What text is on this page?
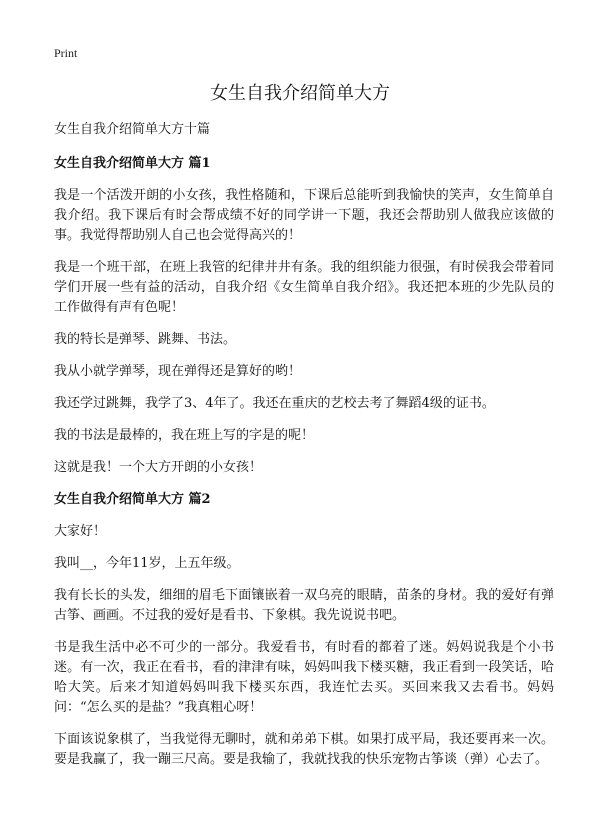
Print
女生自我介绍简单大方

女生自我介绍简单大方十篇

女生自我介绍简单大方 篇1

我是一个活泼开朗的小女孩，我性格随和，下课后总能听到我愉快的笑声，女生简单自我介绍。我下课后有时会帮成绩不好的同学讲一下题，我还会帮助别人做我应该做的事。我觉得帮助别人自己也会觉得高兴的！

我是一个班干部，在班上我管的纪律井井有条。我的组织能力很强，有时侯我会带着同学们开展一些有益的活动，自我介绍《女生简单自我介绍》。我还把本班的少先队员的工作做得有声有色呢！

我的特长是弹琴、跳舞、书法。

我从小就学弹琴，现在弹得还是算好的哟！

我还学过跳舞，我学了3、4年了。我还在重庆的艺校去考了舞蹈4级的证书。

我的书法是最棒的，我在班上写的字是的呢！

这就是我！一个大方开朗的小女孩！

女生自我介绍简单大方 篇2

大家好！

我叫__，今年11岁，上五年级。

我有长长的头发，细细的眉毛下面镶嵌着一双乌亮的眼睛，苗条的身材。我的爱好有弹古筝、画画。不过我的爱好是看书、下象棋。我先说说书吧。

书是我生活中必不可少的一部分。我爱看书，有时看的都着了迷。妈妈说我是个小书迷。有一次，我正在看书，看的津津有味，妈妈叫我下楼买糖，我正看到一段笑话，哈哈大笑。后来才知道妈妈叫我下楼买东西，我连忙去买。买回来我又去看书。妈妈问：“怎么买的是盐？”我真粗心呀！

下面该说象棋了，当我觉得无聊时，就和弟弟下棋。如果打成平局，我还要再来一次。要是我赢了，我一蹦三尺高。要是我输了，我就找我的快乐宠物古筝谈（弹）心去了。
